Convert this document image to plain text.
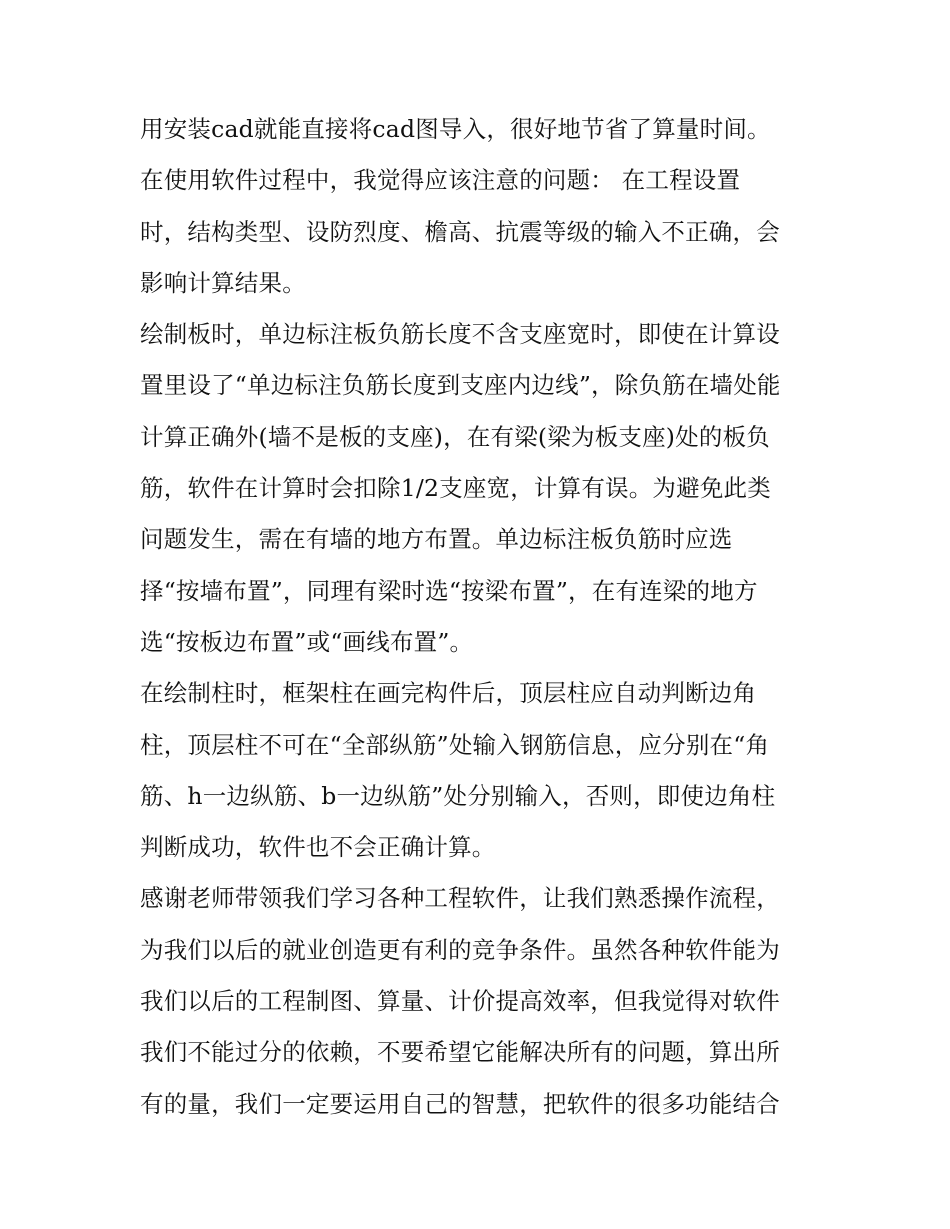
用安装cad就能直接将cad图导入，很好地节省了算量时间。
在使用软件过程中，我觉得应该注意的问题： 在工程设置
时，结构类型、设防烈度、檐高、抗震等级的输入不正确，会
影响计算结果。
绘制板时，单边标注板负筋长度不含支座宽时，即使在计算设
置里设了“单边标注负筋长度到支座内边线”，除负筋在墙处能
计算正确外(墙不是板的支座)，在有梁(梁为板支座)处的板负
筋，软件在计算时会扣除1/2支座宽，计算有误。为避免此类
问题发生，需在有墙的地方布置。单边标注板负筋时应选
择“按墙布置”，同理有梁时选“按梁布置”，在有连梁的地方
选“按板边布置”或“画线布置”。
在绘制柱时，框架柱在画完构件后，顶层柱应自动判断边角
柱，顶层柱不可在“全部纵筋”处输入钢筋信息，应分别在“角
筋、h一边纵筋、b一边纵筋”处分别输入，否则，即使边角柱
判断成功，软件也不会正确计算。
感谢老师带领我们学习各种工程软件，让我们熟悉操作流程，
为我们以后的就业创造更有利的竞争条件。虽然各种软件能为
我们以后的工程制图、算量、计价提高效率，但我觉得对软件
我们不能过分的依赖，不要希望它能解决所有的问题，算出所
有的量，我们一定要运用自己的智慧，把软件的很多功能结合
